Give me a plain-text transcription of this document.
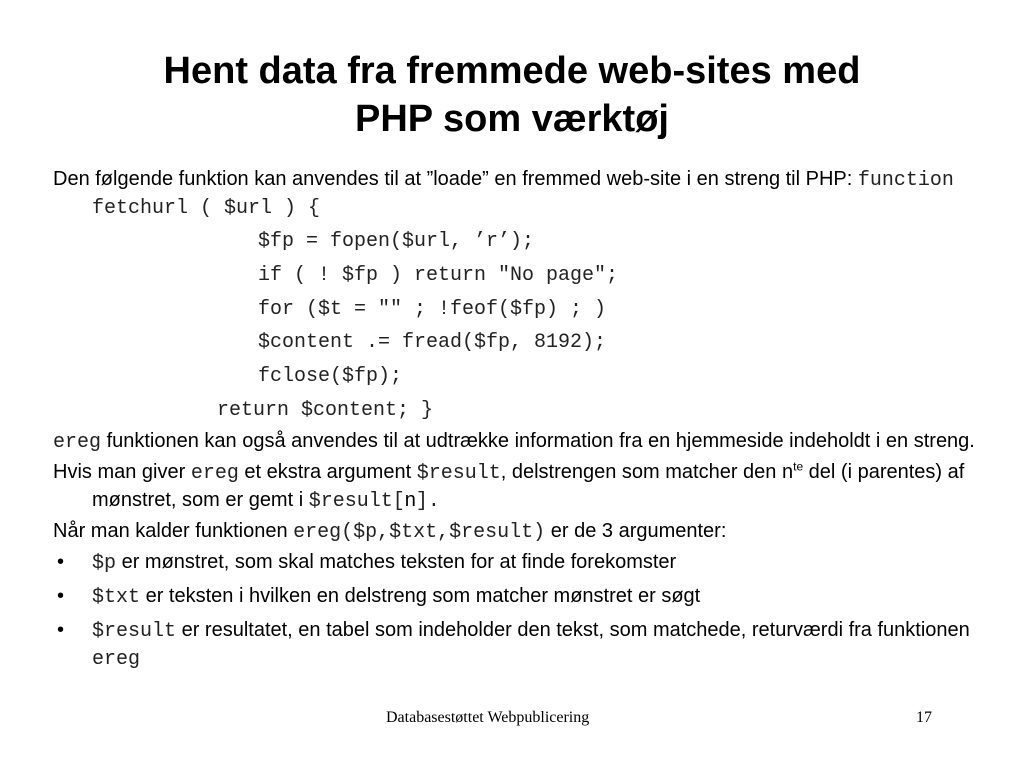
Hent data fra fremmede web-sites med
PHP som værktøj

Den følgende funktion kan anvendes til at ”loade” en fremmed web-site i en streng til PHP: function fetchurl ( $url ) {

$fp = fopen($url, ’r’);
if ( ! $fp ) return "No page";
for ($t = "" ; !feof($fp) ; )
$content .= fread($fp, 8192);
fclose($fp);
return $content; }

ereg funktionen kan også anvendes til at udtrække information fra en hjemmeside indeholdt i en streng.

Hvis man giver ereg et ekstra argument $result, delstrengen som matcher den $n^{te}$ del (i parentes) af mønstret, som er gemt i $result[n].

Når man kalder funktionen ereg($p,$txt,$result) er de 3 argumenter:

• $p er mønstret, som skal matches teksten for at finde forekomster
• $txt er teksten i hvilken en delstreng som matcher mønstret er søgt
• $result er resultatet, en tabel som indeholder den tekst, som matchede, returværdi fra funktionen ereg
Databasestøttet Webpublicering	17
